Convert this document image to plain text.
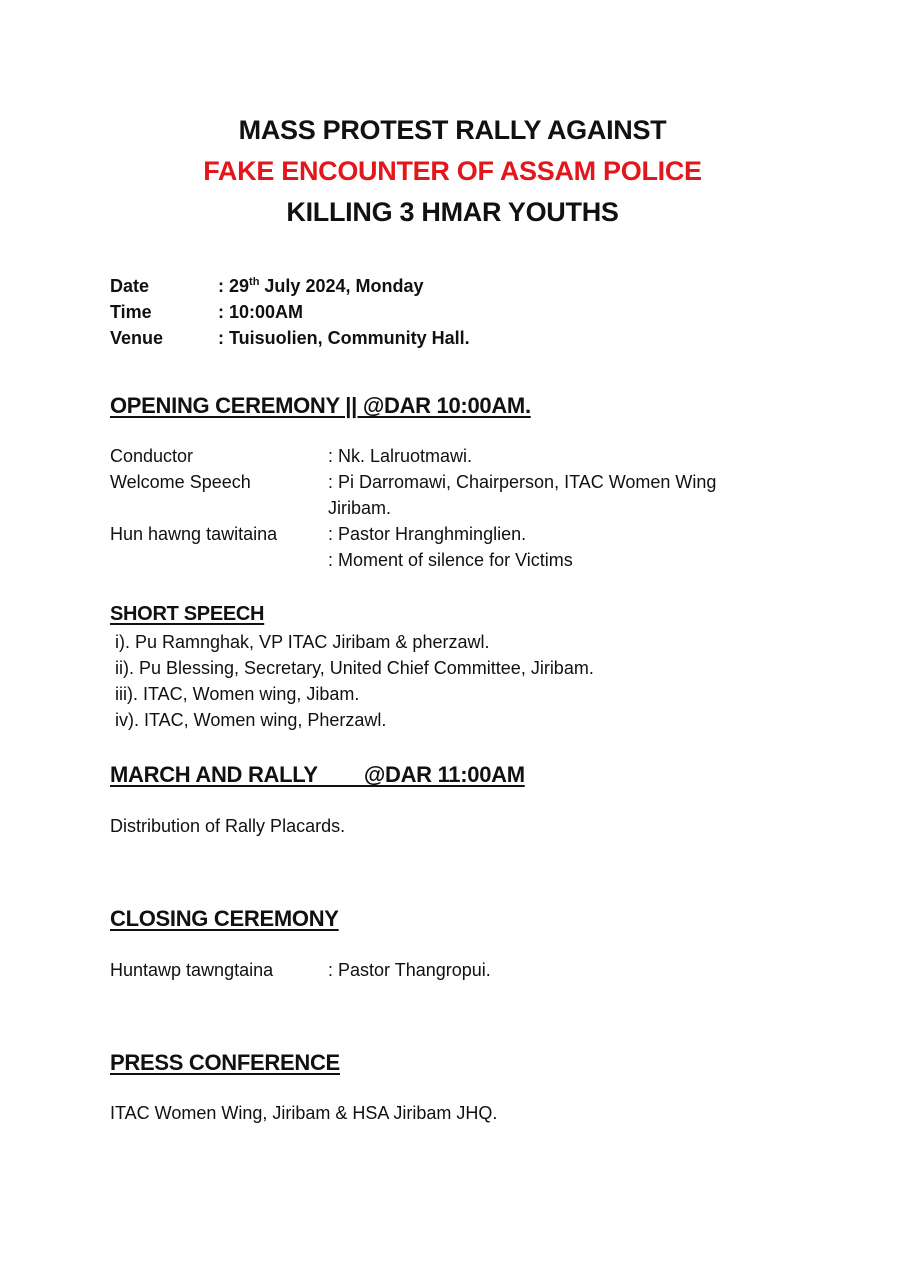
MASS PROTEST RALLY AGAINST
FAKE ENCOUNTER OF ASSAM POLICE
KILLING 3 HMAR YOUTHS
Date	: 29th July 2024, Monday
Time	: 10:00AM
Venue	: Tuisuolien, Community Hall.
OPENING CEREMONY || @DAR 10:00AM.
Conductor	: Nk. Lalruotmawi.
Welcome Speech	: Pi Darromawi, Chairperson, ITAC Women Wing
Jiribam.
Hun hawng tawitaina	: Pastor Hranghminglien.
: Moment of silence for Victims
SHORT SPEECH
i). Pu Ramnghak, VP ITAC Jiribam & pherzawl.
ii). Pu Blessing, Secretary, United Chief Committee, Jiribam.
iii). ITAC, Women wing, Jibam.
iv). ITAC, Women wing, Pherzawl.
MARCH AND RALLY        @DAR 11:00AM
Distribution of Rally Placards.
CLOSING CEREMONY
Huntawp tawngtaina	: Pastor Thangropui.
PRESS CONFERENCE
ITAC Women Wing, Jiribam & HSA Jiribam JHQ.
